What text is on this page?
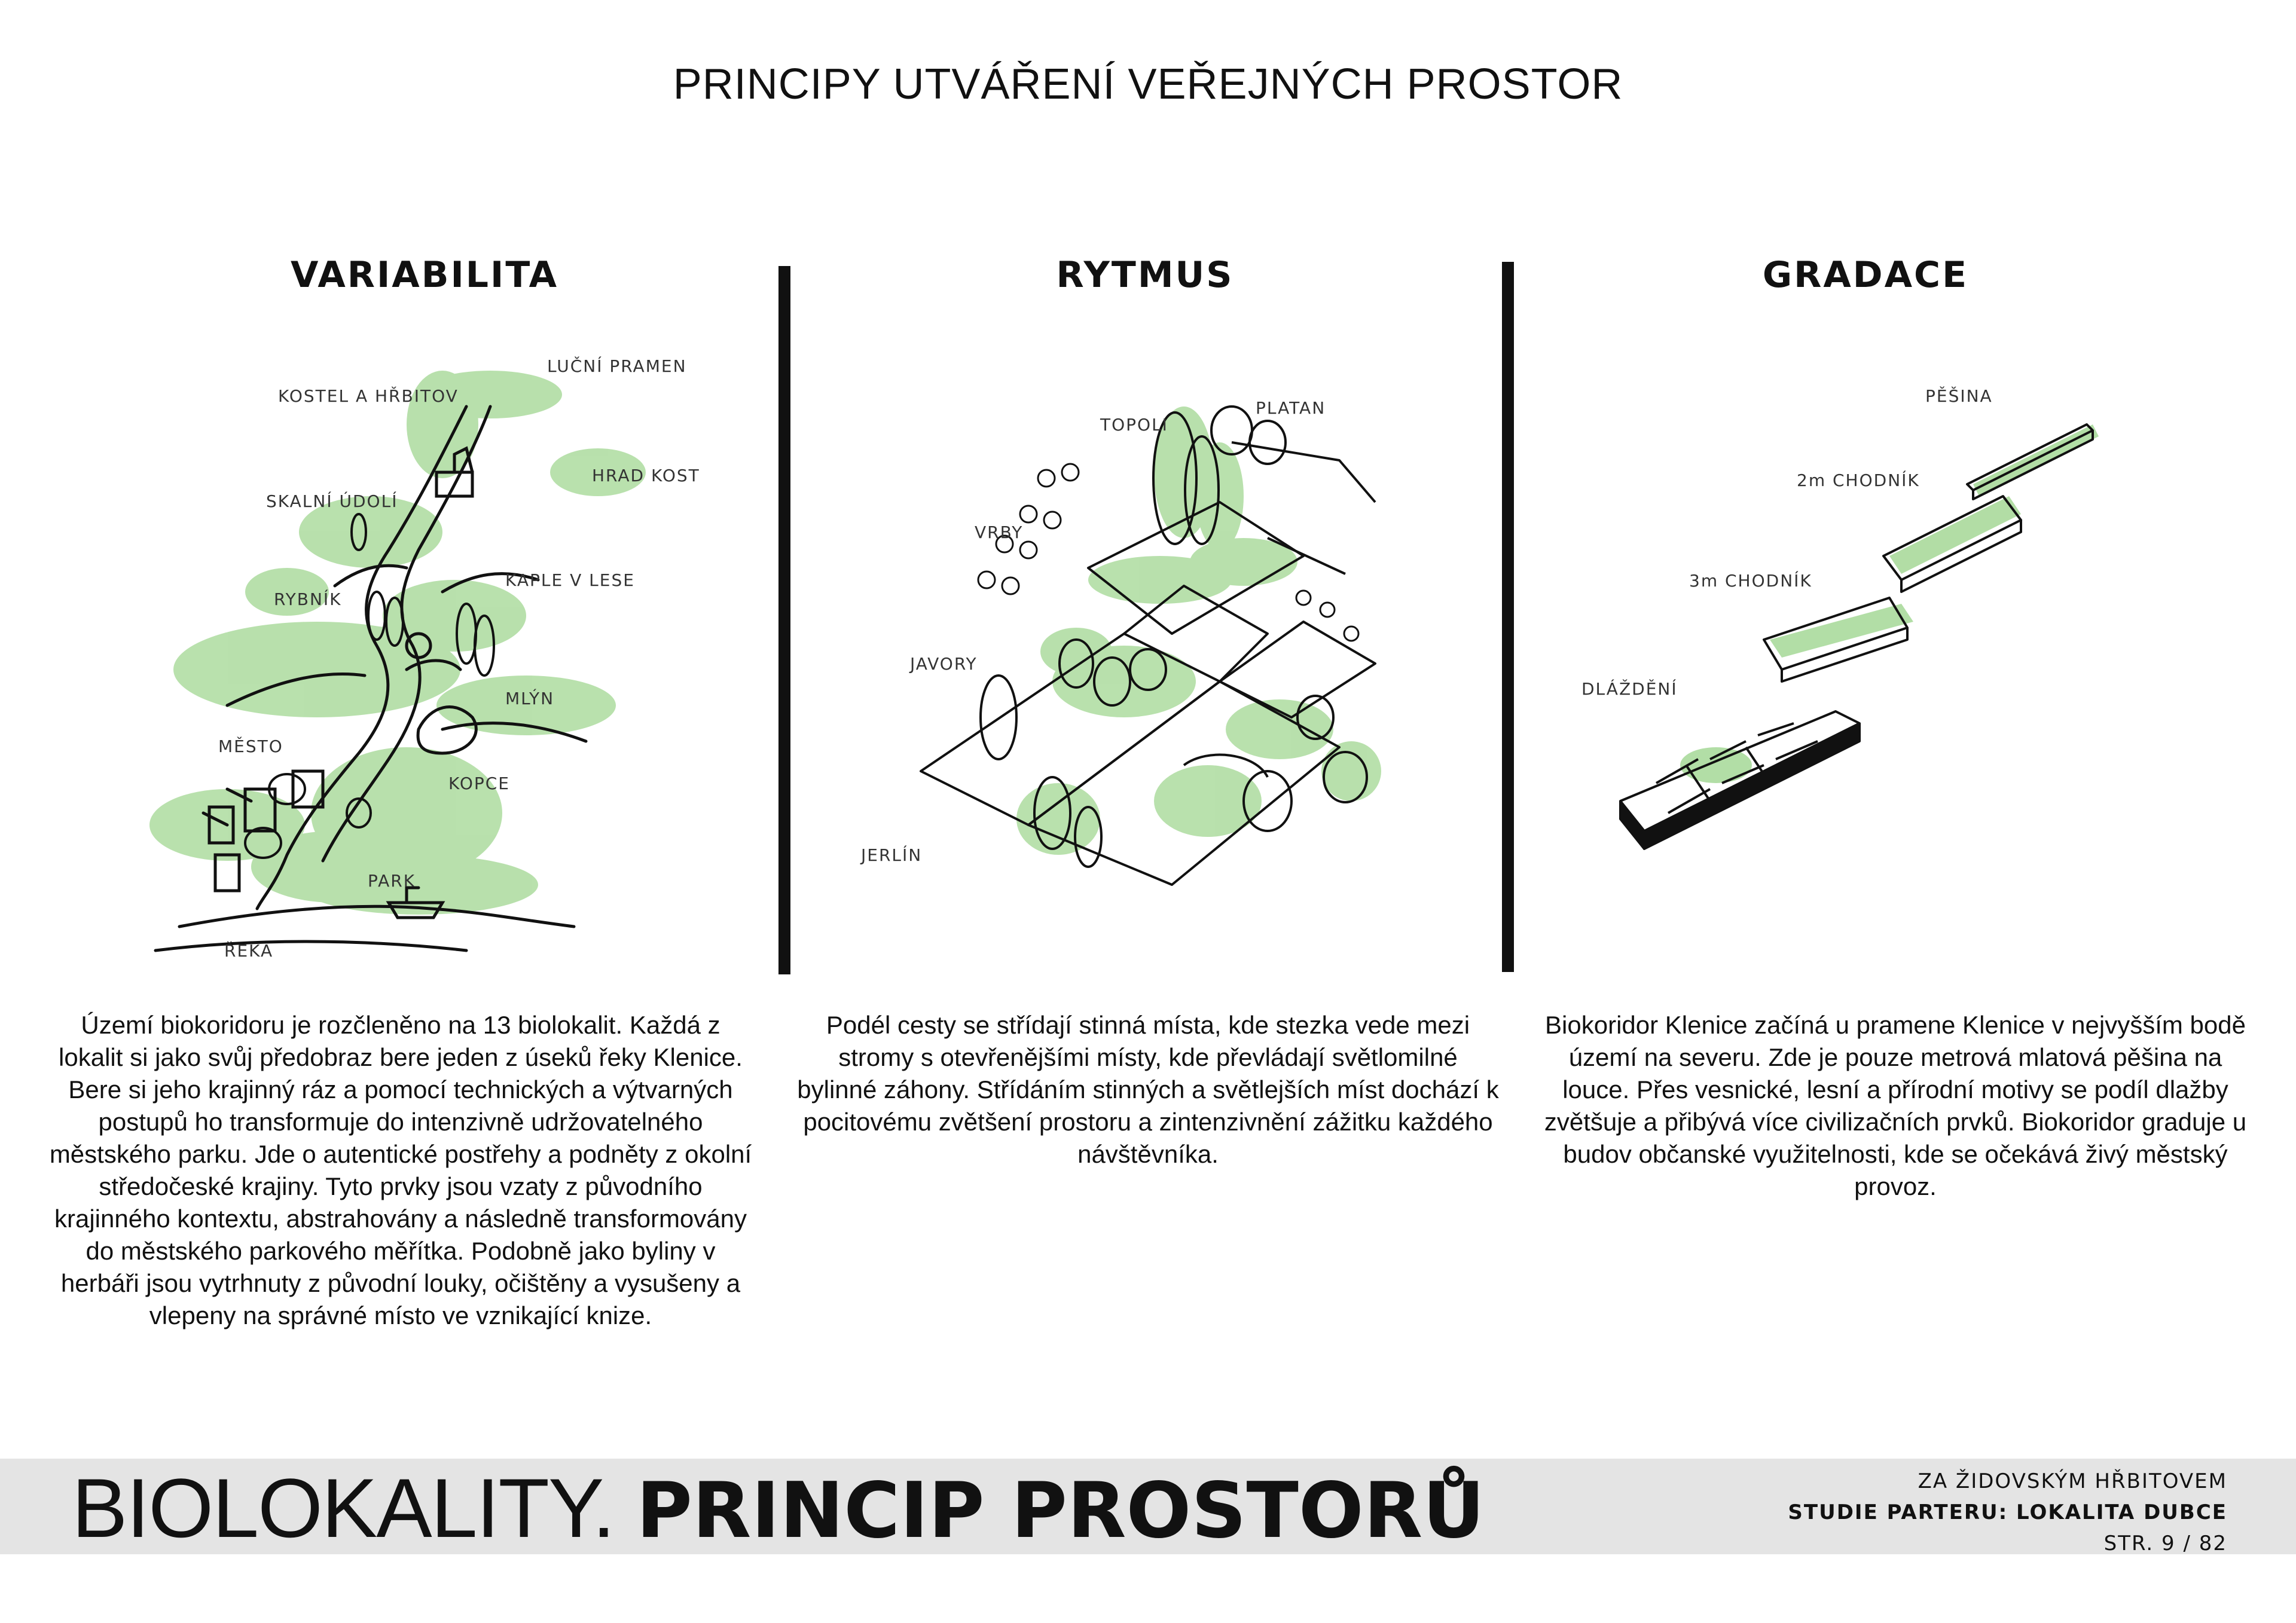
PRINCIPY UTVÁŘENÍ VEŘEJNÝCH PROSTOR
VARIABILITA	RYTMUS	GRADACE
LUČNÍ PRAMEN
KOSTEL A HŘBITOV
HRAD KOST
SKALNÍ ÚDOLÍ
KAPLE V LESE
RYBNÍK
MLÝN
MĚSTO
KOPCE
PARK
ŘEKA
TOPOLI
PLATAN
VRBY
JAVORY
JERLÍN
PĚŠINA
2m CHODNÍK
3m CHODNÍK
DLÁŽDĚNÍ
Území biokoridoru je rozčleněno na 13 biolokalit. Každá z lokalit si jako svůj předobraz bere jeden z úseků řeky Klenice. Bere si jeho krajinný ráz a pomocí technických a výtvarných postupů ho transformuje do intenzivně udržovatelného městského parku. Jde o autentické postřehy a podněty z okolní středočeské krajiny. Tyto prvky jsou vzaty z původního krajinného kontextu, abstrahovány a následně transformovány do městského parkového měřítka. Podobně jako byliny v herbáři jsou vytrhnuty z původní louky, očištěny a vysušeny a vlepeny na správné místo ve vznikající knize.
Podél cesty se střídají stinná místa, kde stezka vede mezi stromy s otevřenějšími místy, kde převládají světlomilné bylinné záhony. Střídáním stinných a světlejších míst dochází k pocitovému zvětšení prostoru a zintenzivnění zážitku každého návštěvníka.
Biokoridor Klenice začíná u pramene Klenice v nejvyšším bodě území na severu. Zde je pouze metrová mlatová pěšina na louce. Přes vesnické, lesní a přírodní motivy se podíl dlažby zvětšuje a přibývá více civilizačních prvků. Biokoridor graduje u budov občanské využitelnosti, kde se očekává živý městský provoz.
BIOLOKALITY. PRINCIP PROSTORŮ	ZA ŽIDOVSKÝM HŘBITOVEM
STUDIE PARTERU: LOKALITA DUBCE
STR. 9 / 82
